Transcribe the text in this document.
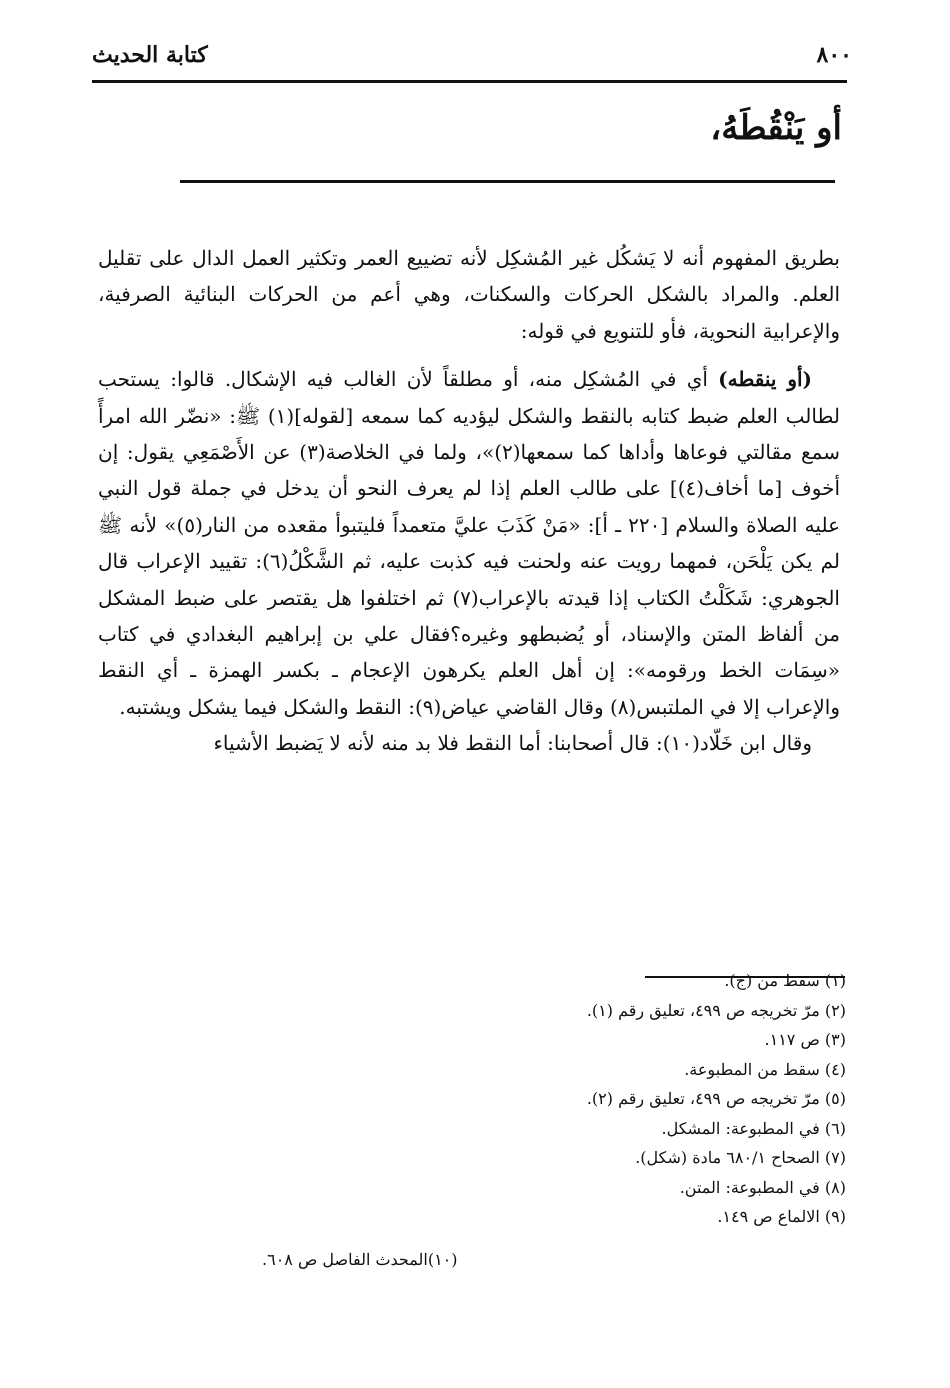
٨٠٠
كتابة الحديث
أو يَنْقُطَهُ،

بطريق المفهوم أنه لا يَشكُل غير المُشكِل لأنه تضييع العمر وتكثير العمل الدال على تقليل العلم. والمراد بالشكل الحركات والسكنات، وهي أعم من الحركات البنائية الصرفية، والإعرابية النحوية، فأو للتنويع في قوله:

(أو ينقطه) أي في المُشكِل منه، أو مطلقاً لأن الغالب فيه الإشكال. قالوا: يستحب لطالب العلم ضبط كتابه بالنقط والشكل ليؤديه كما سمعه [لقوله](١) ﷺ: «نضّر الله امرأً سمع مقالتي فوعاها وأداها كما سمعها(٢)»، ولما في الخلاصة(٣) عن الأَصْمَعِي يقول: إن أخوف [ما أخاف(٤)] على طالب العلم إذا لم يعرف النحو أن يدخل في جملة قول النبي عليه الصلاة والسلام [٢٢٠ ـ أ]: «مَنْ كَذَبَ عليَّ متعمداً فليتبوأ مقعده من النار(٥)» لأنه ﷺ لم يكن يَلْحَن، فمهما رويت عنه ولحنت فيه كذبت عليه، ثم الشَّكْلُ(٦): تقييد الإعراب قال الجوهري: شَكَلْتُ الكتاب إذا قيدته بالإعراب(٧) ثم اختلفوا هل يقتصر على ضبط المشكل من ألفاظ المتن والإسناد، أو يُضبطهو وغيره؟فقال علي بن إبراهيم البغدادي في كتاب «سِمَات الخط ورقومه»: إن أهل العلم يكرهون الإعجام ـ بكسر الهمزة ـ أي النقط والإعراب إلا في الملتبس(٨) وقال القاضي عياض(٩): النقط والشكل فيما يشكل ويشتبه.

وقال ابن خَلّاد(١٠): قال أصحابنا: أما النقط فلا بد منه لأنه لا يَضبط الأشياء

(١) سقط من (ج).
(٢) مرّ تخريجه ص ٤٩٩، تعليق رقم (١).
(٣) ص ١١٧.
(٤) سقط من المطبوعة.
(٥) مرّ تخريجه ص ٤٩٩، تعليق رقم (٢).
(٦) في المطبوعة: المشكل.
(٧) الصحاح ٦٨٠/١ مادة (شكل).
(٨) في المطبوعة: المتن.
(٩) الالماع ص ١٤٩.
(١٠)المحدث الفاصل ص ٦٠٨.
